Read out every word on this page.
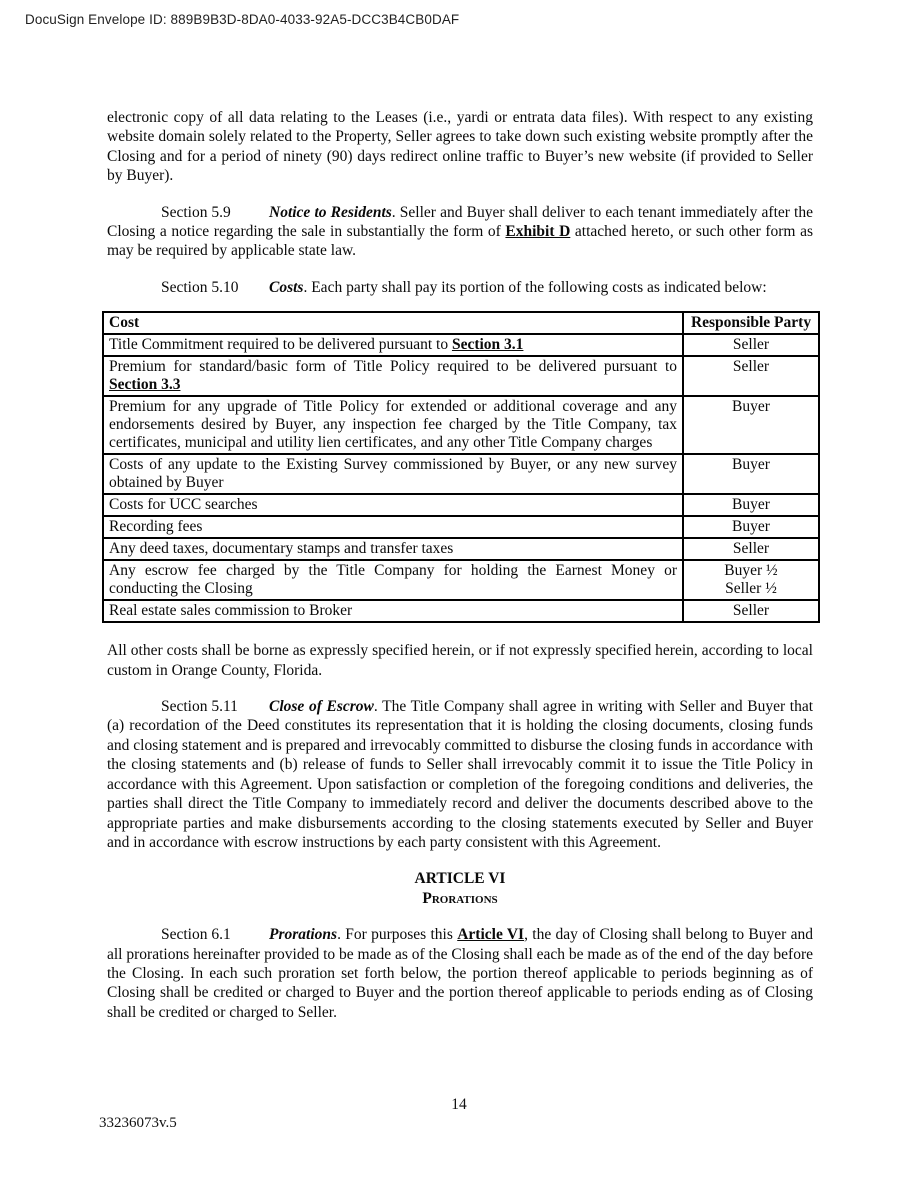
DocuSign Envelope ID: 889B9B3D-8DA0-4033-92A5-DCC3B4CB0DAF

electronic copy of all data relating to the Leases (i.e., yardi or entrata data files). With respect to any existing website domain solely related to the Property, Seller agrees to take down such existing website promptly after the Closing and for a period of ninety (90) days redirect online traffic to Buyer’s new website (if provided to Seller by Buyer).

Section 5.9 Notice to Residents. Seller and Buyer shall deliver to each tenant immediately after the Closing a notice regarding the sale in substantially the form of Exhibit D attached hereto, or such other form as may be required by applicable state law.

Section 5.10 Costs. Each party shall pay its portion of the following costs as indicated below:

Cost	Responsible Party
Title Commitment required to be delivered pursuant to Section 3.1	Seller
Premium for standard/basic form of Title Policy required to be delivered pursuant to Section 3.3	Seller
Premium for any upgrade of Title Policy for extended or additional coverage and any endorsements desired by Buyer, any inspection fee charged by the Title Company, tax certificates, municipal and utility lien certificates, and any other Title Company charges	Buyer
Costs of any update to the Existing Survey commissioned by Buyer, or any new survey obtained by Buyer	Buyer
Costs for UCC searches	Buyer
Recording fees	Buyer
Any deed taxes, documentary stamps and transfer taxes	Seller
Any escrow fee charged by the Title Company for holding the Earnest Money or conducting the Closing	Buyer ½
Seller ½

Real estate sales commission to Broker	Seller

All other costs shall be borne as expressly specified herein, or if not expressly specified herein, according to local custom in Orange County, Florida.

Section 5.11 Close of Escrow. The Title Company shall agree in writing with Seller and Buyer that (a) recordation of the Deed constitutes its representation that it is holding the closing documents, closing funds and closing statement and is prepared and irrevocably committed to disburse the closing funds in accordance with the closing statements and (b) release of funds to Seller shall irrevocably commit it to issue the Title Policy in accordance with this Agreement. Upon satisfaction or completion of the foregoing conditions and deliveries, the parties shall direct the Title Company to immediately record and deliver the documents described above to the appropriate parties and make disbursements according to the closing statements executed by Seller and Buyer and in accordance with escrow instructions by each party consistent with this Agreement.

ARTICLE VI

Prorations

Section 6.1 Prorations. For purposes this Article VI, the day of Closing shall belong to Buyer and all prorations hereinafter provided to be made as of the Closing shall each be made as of the end of the day before the Closing. In each such proration set forth below, the portion thereof applicable to periods beginning as of Closing shall be credited or charged to Buyer and the portion thereof applicable to periods ending as of Closing shall be credited or charged to Seller.

14
33236073v.5
